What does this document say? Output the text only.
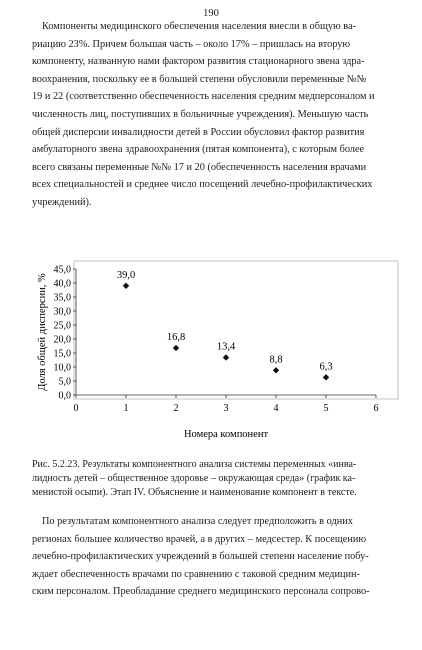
190
Компоненты медицинского обеспечения населения внесли в общую ва-
риацию 23%. Причем большая часть – около 17% – пришлась на вторую
компоненту, названную нами фактором развития стационарного звена здра-
воохранения, поскольку ее в большей степени обусловили переменные №№
19 и 22 (соответственно обеспеченность населения средним медперсоналом и
численность лиц, поступивших в больничные учреждения). Меньшую часть
общей дисперсии инвалидности детей в России обусловил фактор развития
амбулаторного звена здравоохранения (пятая компонента), с которым более
всего связаны переменные №№ 17 и 20 (обеспеченность населения врачами
всех специальностей и среднее число посещений лечебно-профилактических
учреждений).
0,0
5,0
10,0
15,0
20,0
25,0
30,0
35,0
40,0
45,0
0	1	2	3	4	5	6
39,0
16,8
13,4
8,8
6,3
Доля общей дисперсии, %
Номера компонент
Рис. 5.2.23. Результаты компонентного анализа системы переменных «инва-
лидность детей – общественное здоровье – окружающая среда» (график ка-
менистой осыпи). Этап IV. Объяснение и наименование компонент в тексте.
По результатам компонентного анализа следует предположить в одних
регионах большее количество врачей, а в других – медсестер. К посещению
лечебно-профилактических учреждений в большей степени население побу-
ждает обеспеченность врачами по сравнению с таковой средним медицин-
ским персоналом. Преобладание среднего медицинского персонала сопрово-
